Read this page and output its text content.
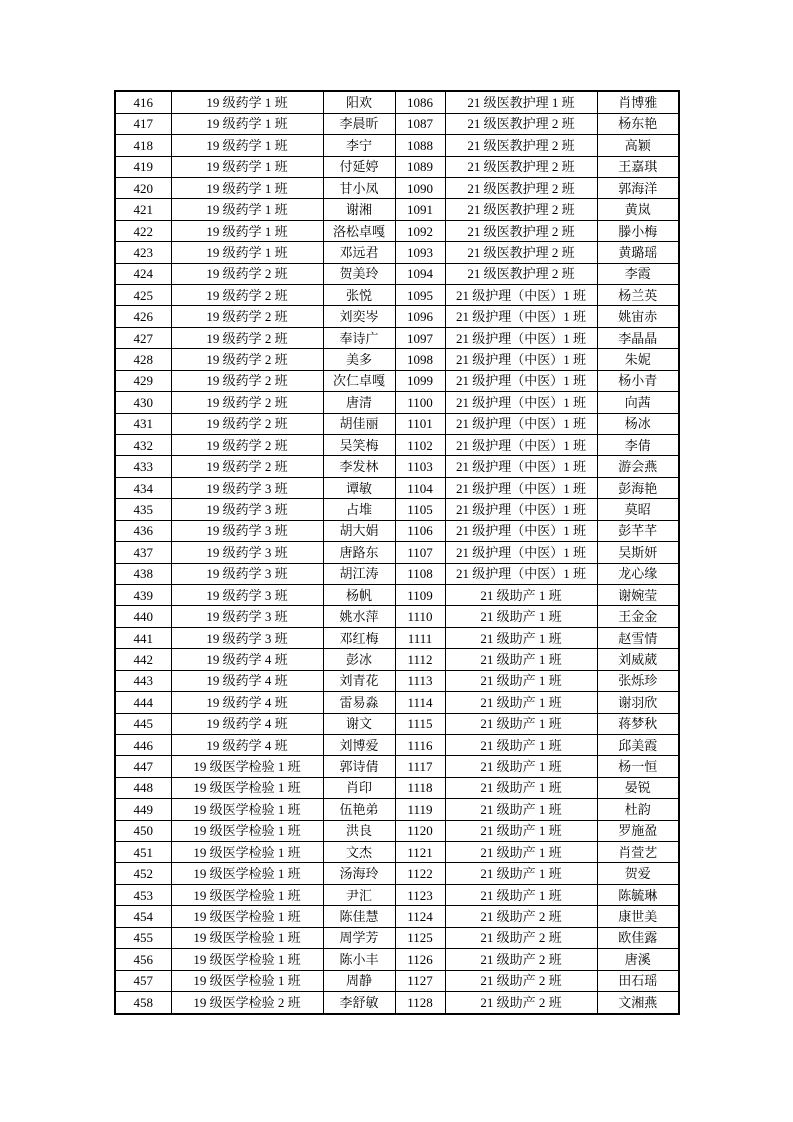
416	19 级药学 1 班	阳欢	1086	21 级医教护理 1 班	肖博雅
417	19 级药学 1 班	李晨昕	1087	21 级医教护理 2 班	杨东艳
418	19 级药学 1 班	李宁	1088	21 级医教护理 2 班	高颖
419	19 级药学 1 班	付延婷	1089	21 级医教护理 2 班	王嘉琪
420	19 级药学 1 班	甘小凤	1090	21 级医教护理 2 班	郭海洋
421	19 级药学 1 班	谢湘	1091	21 级医教护理 2 班	黄岚
422	19 级药学 1 班	洛松卓嘎	1092	21 级医教护理 2 班	滕小梅
423	19 级药学 1 班	邓远君	1093	21 级医教护理 2 班	黄璐瑶
424	19 级药学 2 班	贺美玲	1094	21 级医教护理 2 班	李霞
425	19 级药学 2 班	张悦	1095	21 级护理（中医）1 班	杨兰英
426	19 级药学 2 班	刘奕岑	1096	21 级护理（中医）1 班	姚宙赤
427	19 级药学 2 班	奉诗广	1097	21 级护理（中医）1 班	李晶晶
428	19 级药学 2 班	美多	1098	21 级护理（中医）1 班	朱妮
429	19 级药学 2 班	次仁卓嘎	1099	21 级护理（中医）1 班	杨小青
430	19 级药学 2 班	唐清	1100	21 级护理（中医）1 班	向茜
431	19 级药学 2 班	胡佳丽	1101	21 级护理（中医）1 班	杨冰
432	19 级药学 2 班	吴笑梅	1102	21 级护理（中医）1 班	李倩
433	19 级药学 2 班	李发林	1103	21 级护理（中医）1 班	游会燕
434	19 级药学 3 班	谭敏	1104	21 级护理（中医）1 班	彭海艳
435	19 级药学 3 班	占堆	1105	21 级护理（中医）1 班	莫昭
436	19 级药学 3 班	胡大娟	1106	21 级护理（中医）1 班	彭芊芊
437	19 级药学 3 班	唐路东	1107	21 级护理（中医）1 班	吴斯妍
438	19 级药学 3 班	胡江涛	1108	21 级护理（中医）1 班	龙心缘
439	19 级药学 3 班	杨帆	1109	21 级助产 1 班	谢婉莹
440	19 级药学 3 班	姚水萍	1110	21 级助产 1 班	王金金
441	19 级药学 3 班	邓红梅	1111	21 级助产 1 班	赵雪情
442	19 级药学 4 班	彭冰	1112	21 级助产 1 班	刘威葳
443	19 级药学 4 班	刘青花	1113	21 级助产 1 班	张烁珍
444	19 级药学 4 班	雷易淼	1114	21 级助产 1 班	谢羽欣
445	19 级药学 4 班	谢文	1115	21 级助产 1 班	蒋梦秋
446	19 级药学 4 班	刘博爱	1116	21 级助产 1 班	邱美霞
447	19 级医学检验 1 班	郭诗倩	1117	21 级助产 1 班	杨一恒
448	19 级医学检验 1 班	肖印	1118	21 级助产 1 班	晏锐
449	19 级医学检验 1 班	伍艳弟	1119	21 级助产 1 班	杜韵
450	19 级医学检验 1 班	洪良	1120	21 级助产 1 班	罗施盈
451	19 级医学检验 1 班	文杰	1121	21 级助产 1 班	肖萱艺
452	19 级医学检验 1 班	汤海玲	1122	21 级助产 1 班	贺爱
453	19 级医学检验 1 班	尹汇	1123	21 级助产 1 班	陈毓琳
454	19 级医学检验 1 班	陈佳慧	1124	21 级助产 2 班	康世美
455	19 级医学检验 1 班	周学芳	1125	21 级助产 2 班	欧佳露
456	19 级医学检验 1 班	陈小丰	1126	21 级助产 2 班	唐溪
457	19 级医学检验 1 班	周静	1127	21 级助产 2 班	田石瑶
458	19 级医学检验 2 班	李舒敏	1128	21 级助产 2 班	文湘燕
